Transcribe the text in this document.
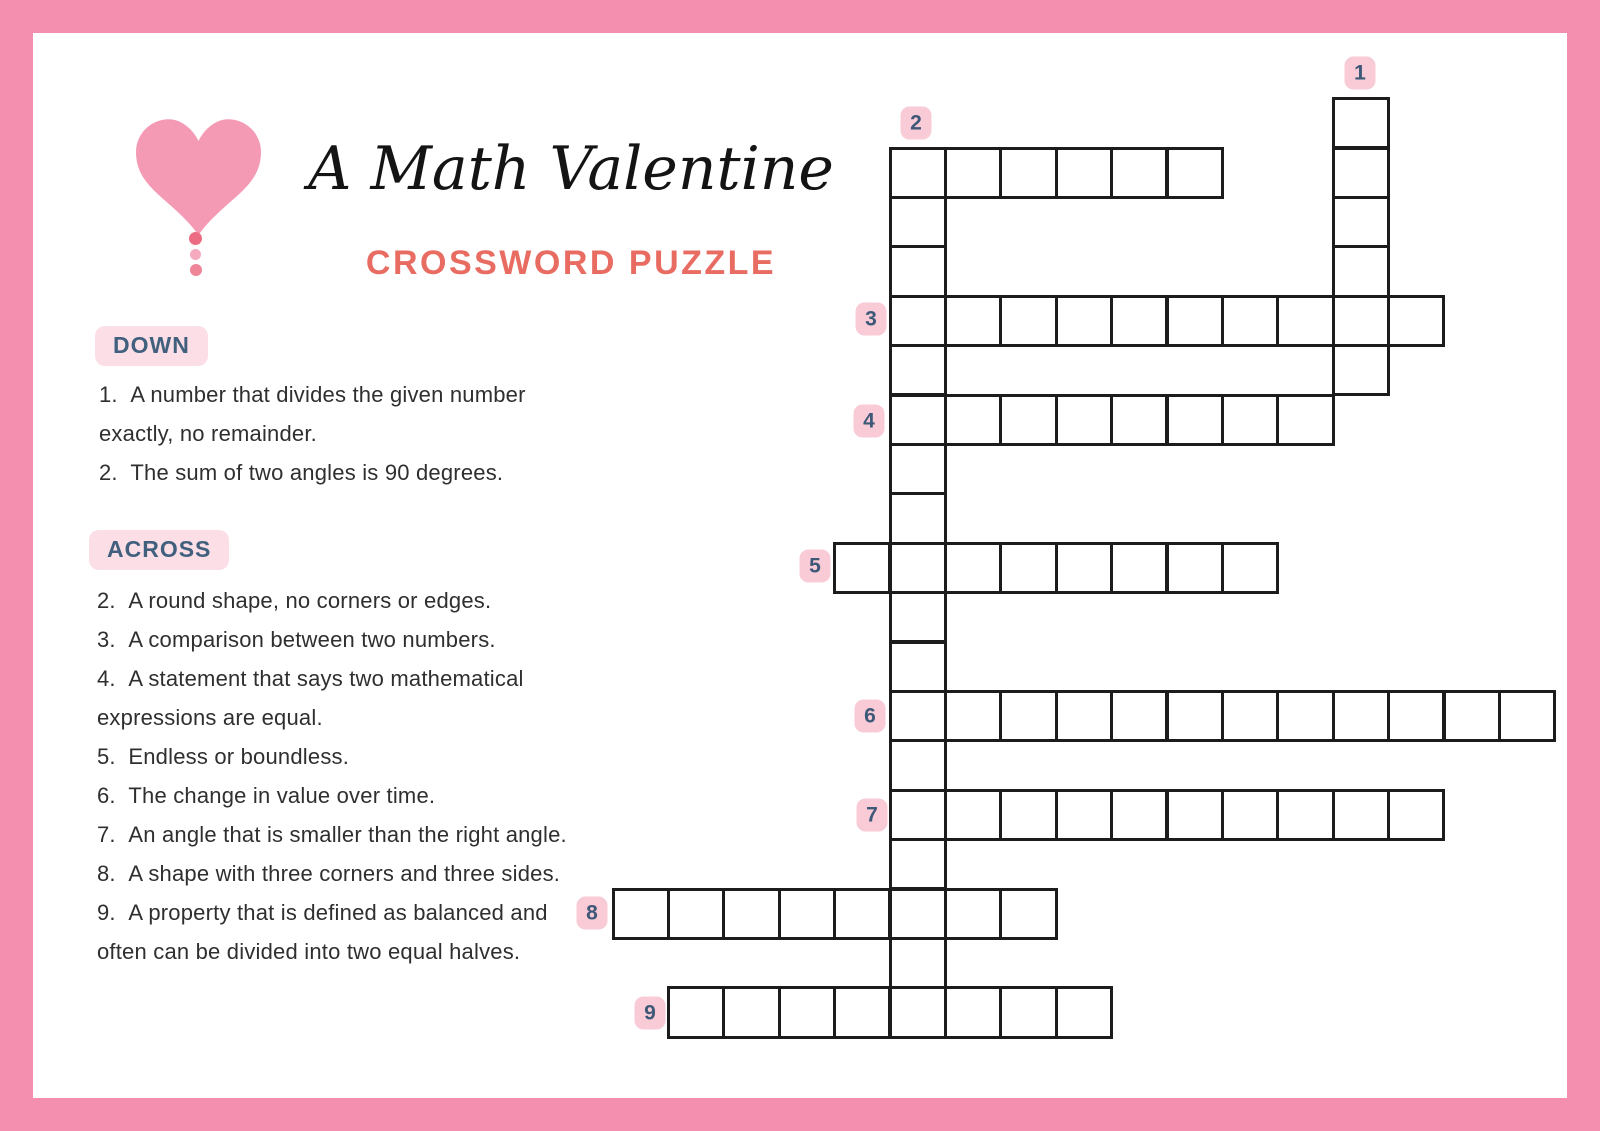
A Math Valentine
CROSSWORD PUZZLE
DOWN
1.  A number that divides the given number
exactly, no remainder.
2.  The sum of two angles is 90 degrees.
ACROSS
2.  A round shape, no corners or edges.
3.  A comparison between two numbers.
4.  A statement that says two mathematical
expressions are equal.
5.  Endless or boundless.
6.  The change in value over time.
7.  An angle that is smaller than the right angle.
8.  A shape with three corners and three sides.
9.  A property that is defined as balanced and
often can be divided into two equal halves.
1
2
3
4
5
6
7
8
9
